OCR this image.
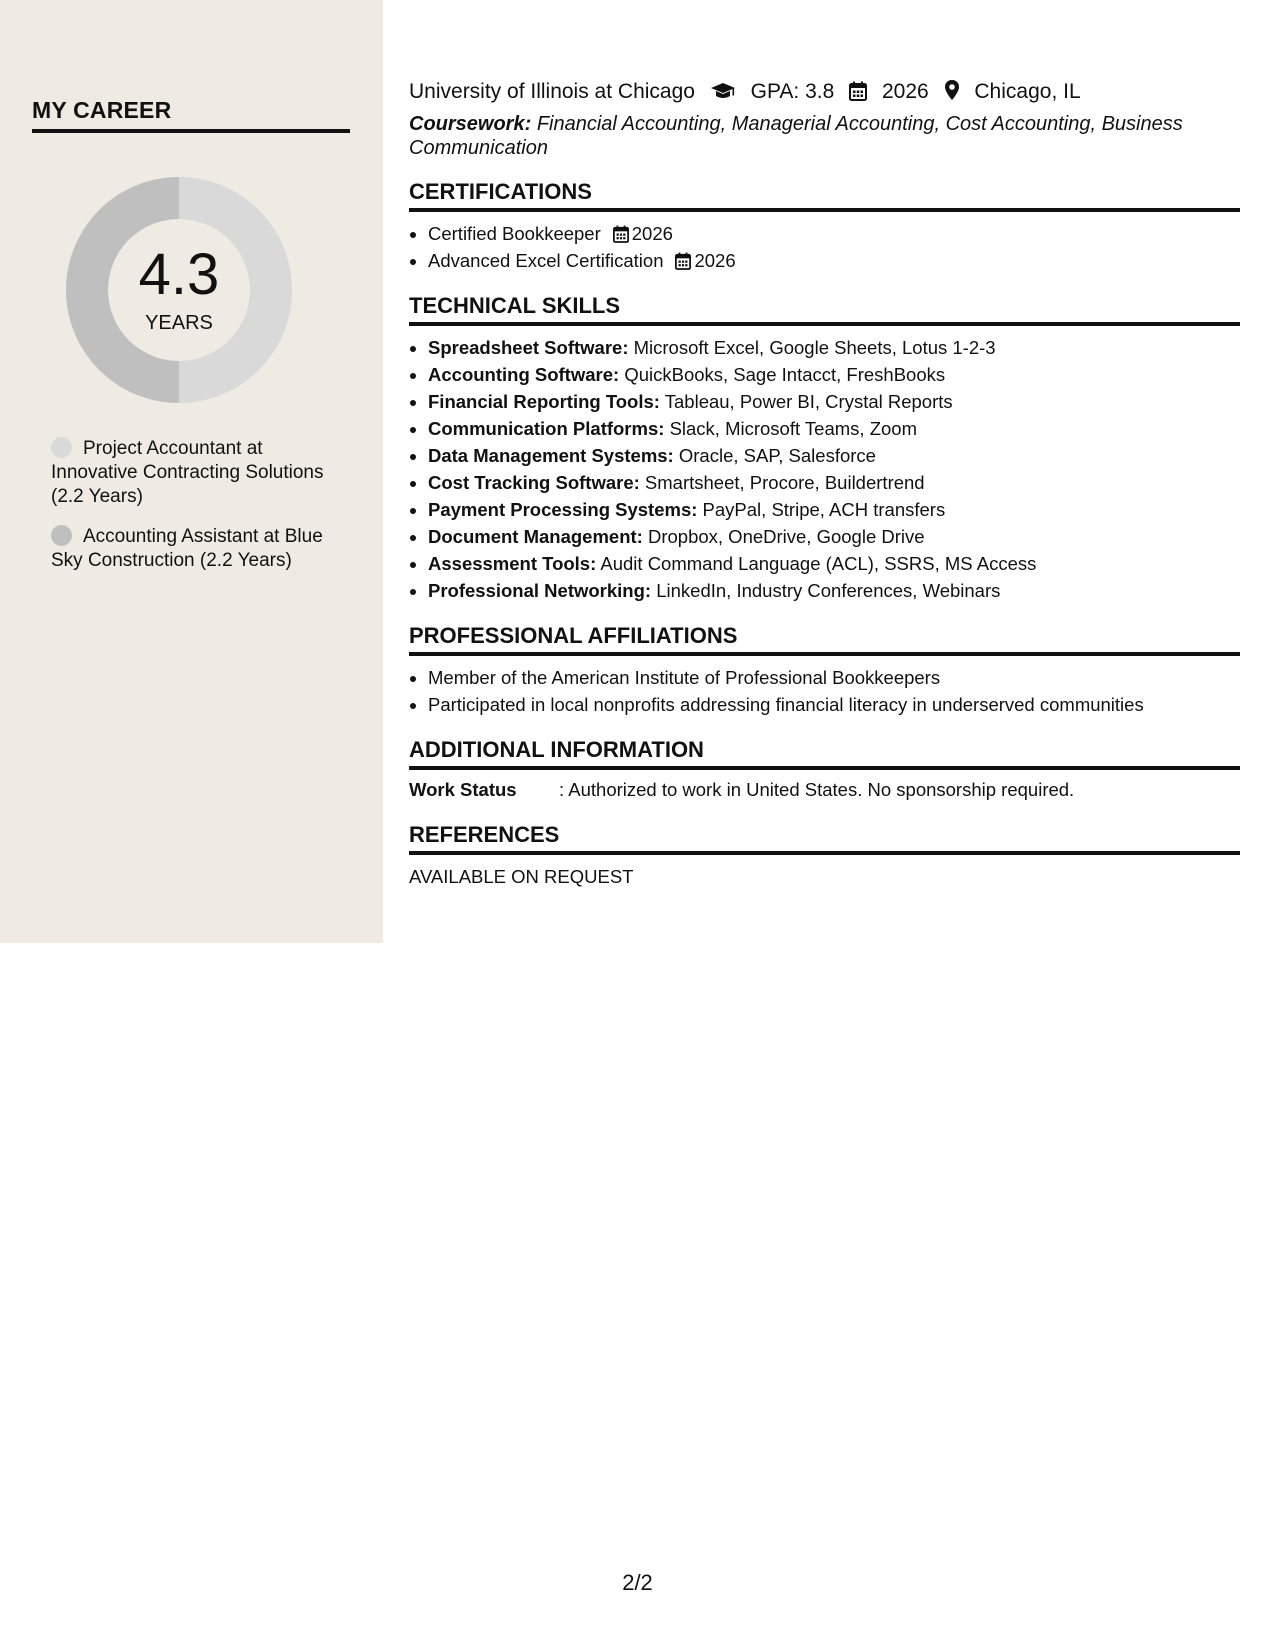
MY CAREER
4.3
YEARS
Project Accountant at Innovative Contracting Solutions (2.2 Years)
Accounting Assistant at Blue Sky Construction (2.2 Years)
University of Illinois at Chicago	GPA: 3.8 2026 Chicago, IL
Coursework: Financial Accounting, Managerial Accounting, Cost Accounting, Business Communication
CERTIFICATIONS
• Certified Bookkeeper 2026
• Advanced Excel Certification 2026
TECHNICAL SKILLS
• Spreadsheet Software: Microsoft Excel, Google Sheets, Lotus 1-2-3
• Accounting Software: QuickBooks, Sage Intacct, FreshBooks
• Financial Reporting Tools: Tableau, Power BI, Crystal Reports
• Communication Platforms: Slack, Microsoft Teams, Zoom
• Data Management Systems: Oracle, SAP, Salesforce
• Cost Tracking Software: Smartsheet, Procore, Buildertrend
• Payment Processing Systems: PayPal, Stripe, ACH transfers
• Document Management: Dropbox, OneDrive, Google Drive
• Assessment Tools: Audit Command Language (ACL), SSRS, MS Access
• Professional Networking: LinkedIn, Industry Conferences, Webinars
PROFESSIONAL AFFILIATIONS
• Member of the American Institute of Professional Bookkeepers
• Participated in local nonprofits addressing financial literacy in underserved communities
ADDITIONAL INFORMATION
Work Status : Authorized to work in United States. No sponsorship required.
REFERENCES
AVAILABLE ON REQUEST
2/2
